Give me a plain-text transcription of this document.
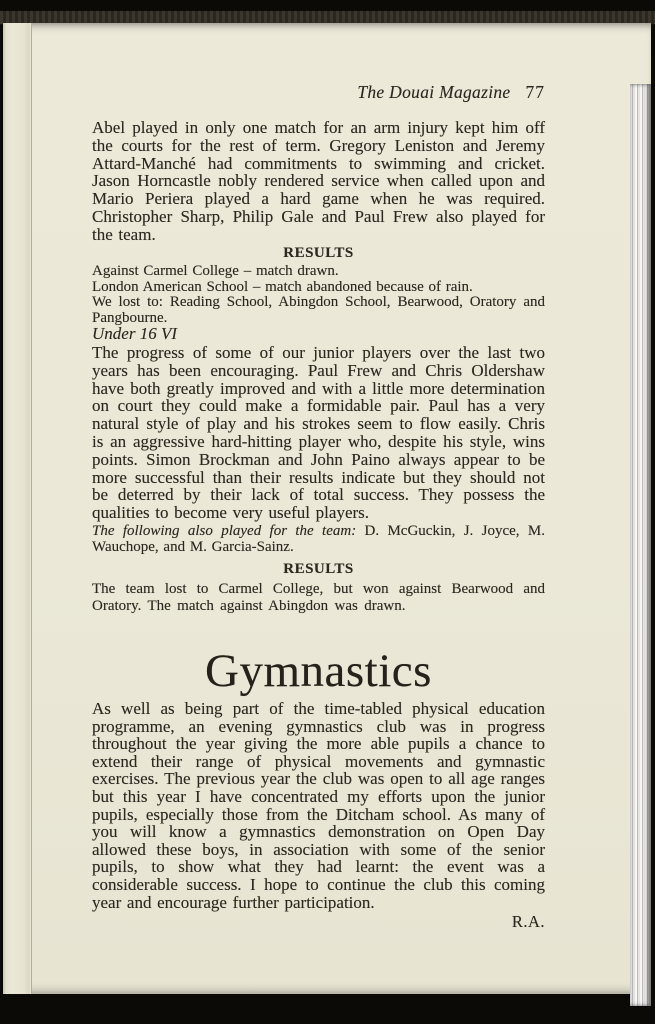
The Douai Magazine 77
Abel played in only one match for an arm injury kept him off the courts for the rest of term. Gregory Leniston and Jeremy Attard-Manché had commitments to swimming and cricket. Jason Horncastle nobly rendered service when called upon and Mario Periera played a hard game when he was required. Christopher Sharp, Philip Gale and Paul Frew also played for the team.
RESULTS
Against Carmel College – match drawn.
London American School – match abandoned because of rain.
We lost to: Reading School, Abingdon School, Bearwood, Oratory and Pangbourne.
Under 16 VI
The progress of some of our junior players over the last two years has been encouraging. Paul Frew and Chris Oldershaw have both greatly improved and with a little more determination on court they could make a formidable pair. Paul has a very natural style of play and his strokes seem to flow easily. Chris is an aggressive hard-hitting player who, despite his style, wins points. Simon Brockman and John Paino always appear to be more successful than their results indicate but they should not be deterred by their lack of total success. They possess the qualities to become very useful players.
The following also played for the team: D. McGuckin, J. Joyce, M. Wauchope, and M. Garcia-Sainz.
RESULTS
The team lost to Carmel College, but won against Bearwood and Oratory. The match against Abingdon was drawn.
Gymnastics
As well as being part of the time-tabled physical education programme, an evening gymnastics club was in progress throughout the year giving the more able pupils a chance to extend their range of physical movements and gymnastic exercises. The previous year the club was open to all age ranges but this year I have concentrated my efforts upon the junior pupils, especially those from the Ditcham school. As many of you will know a gymnastics demonstration on Open Day allowed these boys, in association with some of the senior pupils, to show what they had learnt: the event was a considerable success. I hope to continue the club this coming year and encourage further participation.
R.A.
